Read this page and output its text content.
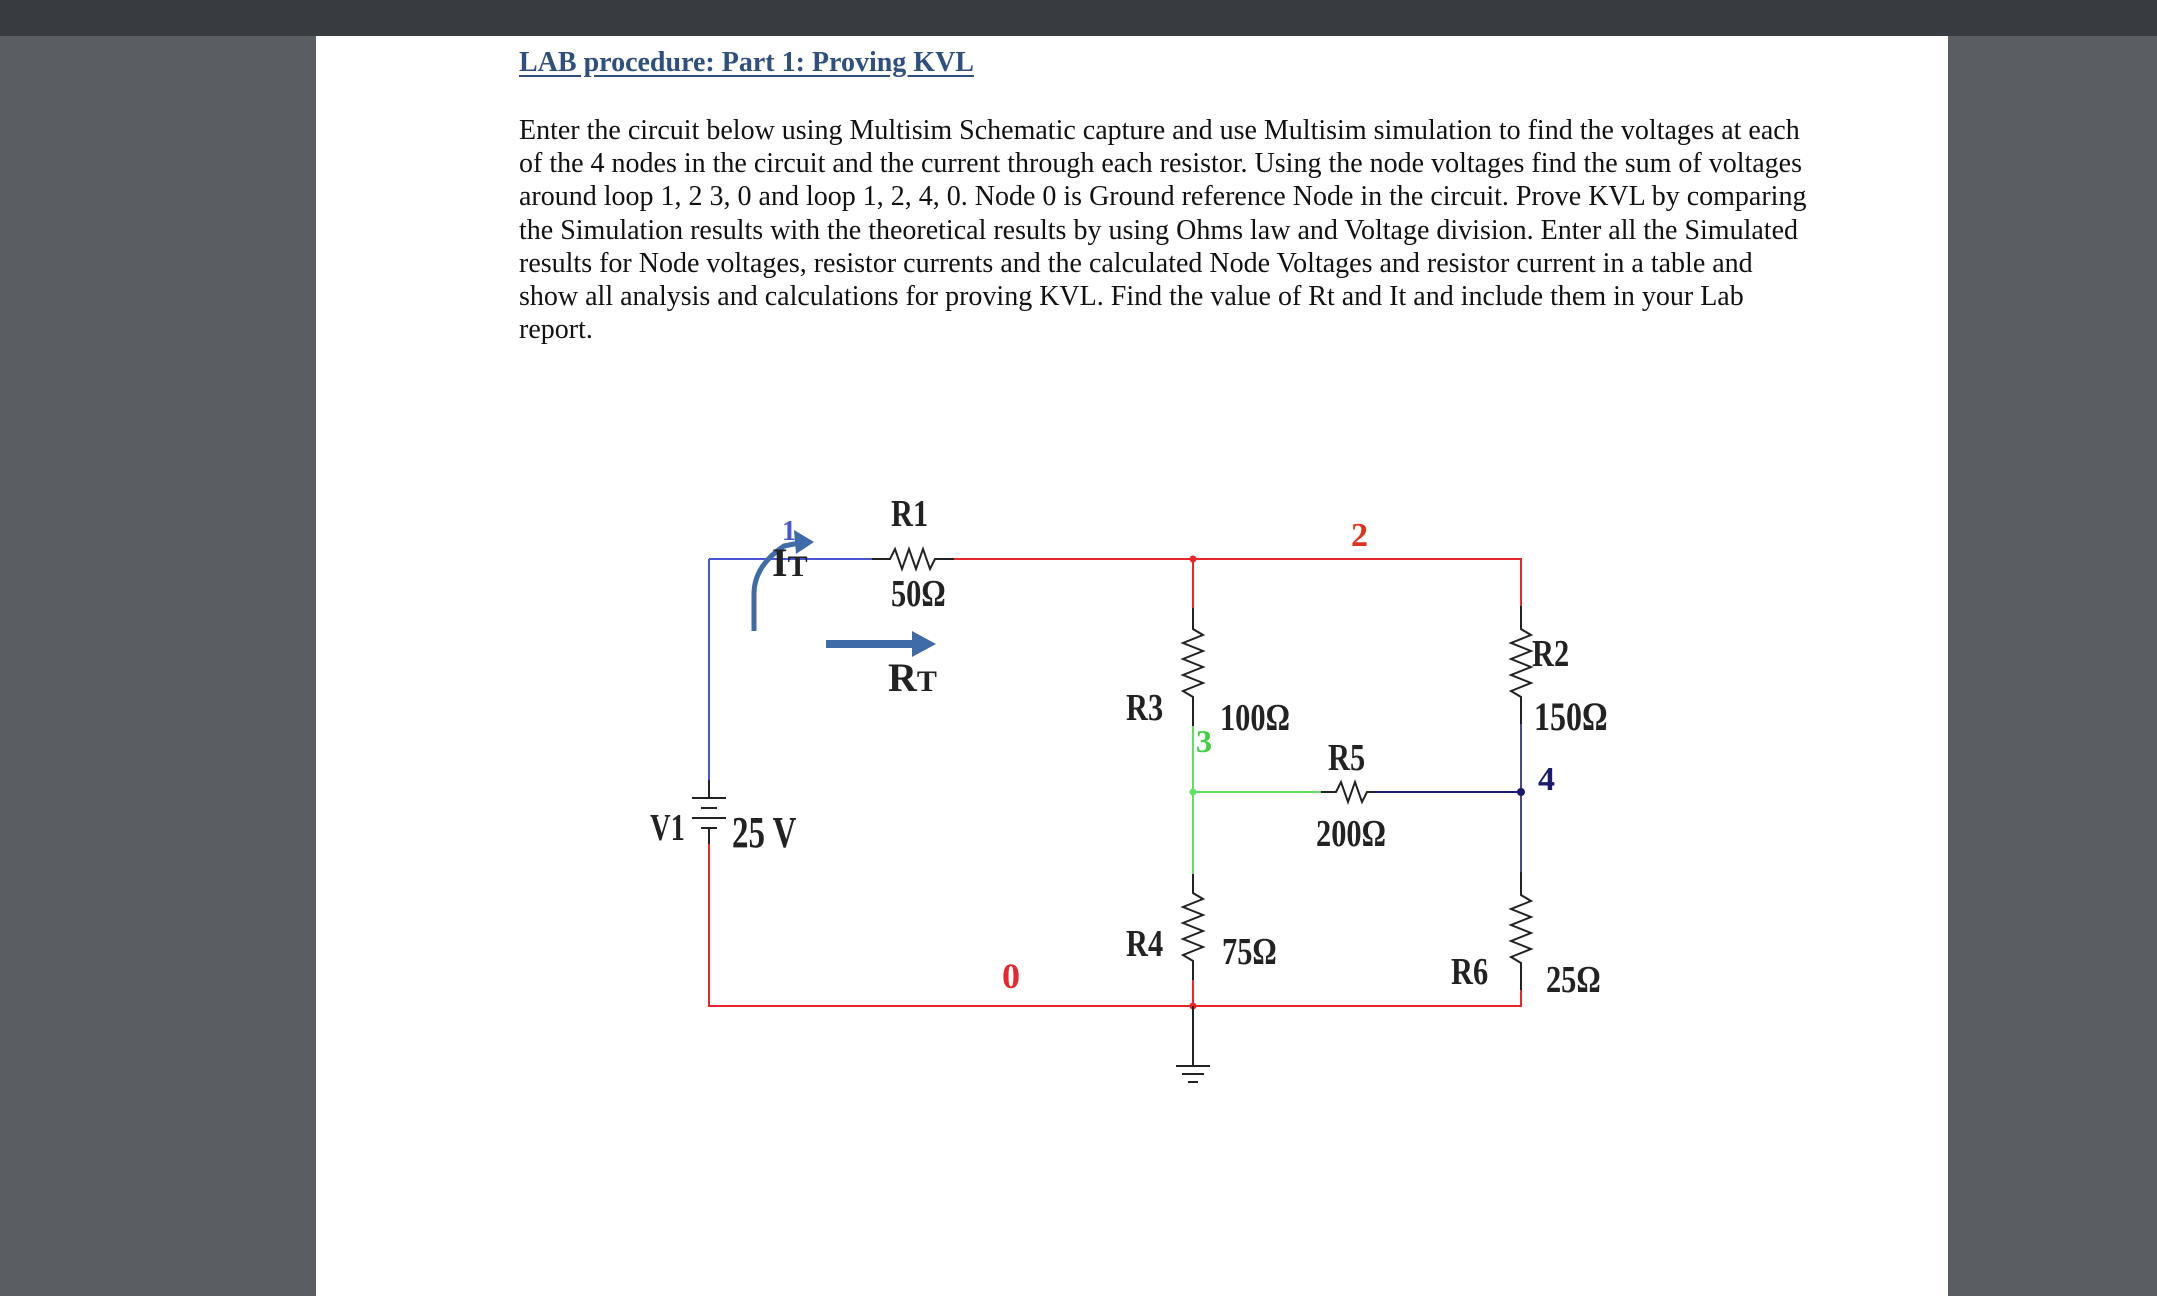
LAB procedure: Part 1: Proving KVL
Enter the circuit below using Multisim Schematic capture and use Multisim simulation to find the voltages at each of the 4 nodes in the circuit and the current through each resistor. Using the node voltages find the sum of voltages around loop 1, 2 3, 0 and loop 1, 2, 4, 0. Node 0 is Ground reference Node in the circuit. Prove KVL by comparing the Simulation results with the theoretical results by using Ohms law and Voltage division. Enter all the Simulated results for Node voltages, resistor currents and the calculated Node Voltages and resistor current in a table and show all analysis and calculations for proving KVL. Find the value of Rt and It and include them in your Lab report.
1	2
3
4
0
IT
R1
50Ω
RT
R3 100Ω
R2
150Ω
R5
200Ω
R4 75Ω	R6 25Ω
V1 25 V
